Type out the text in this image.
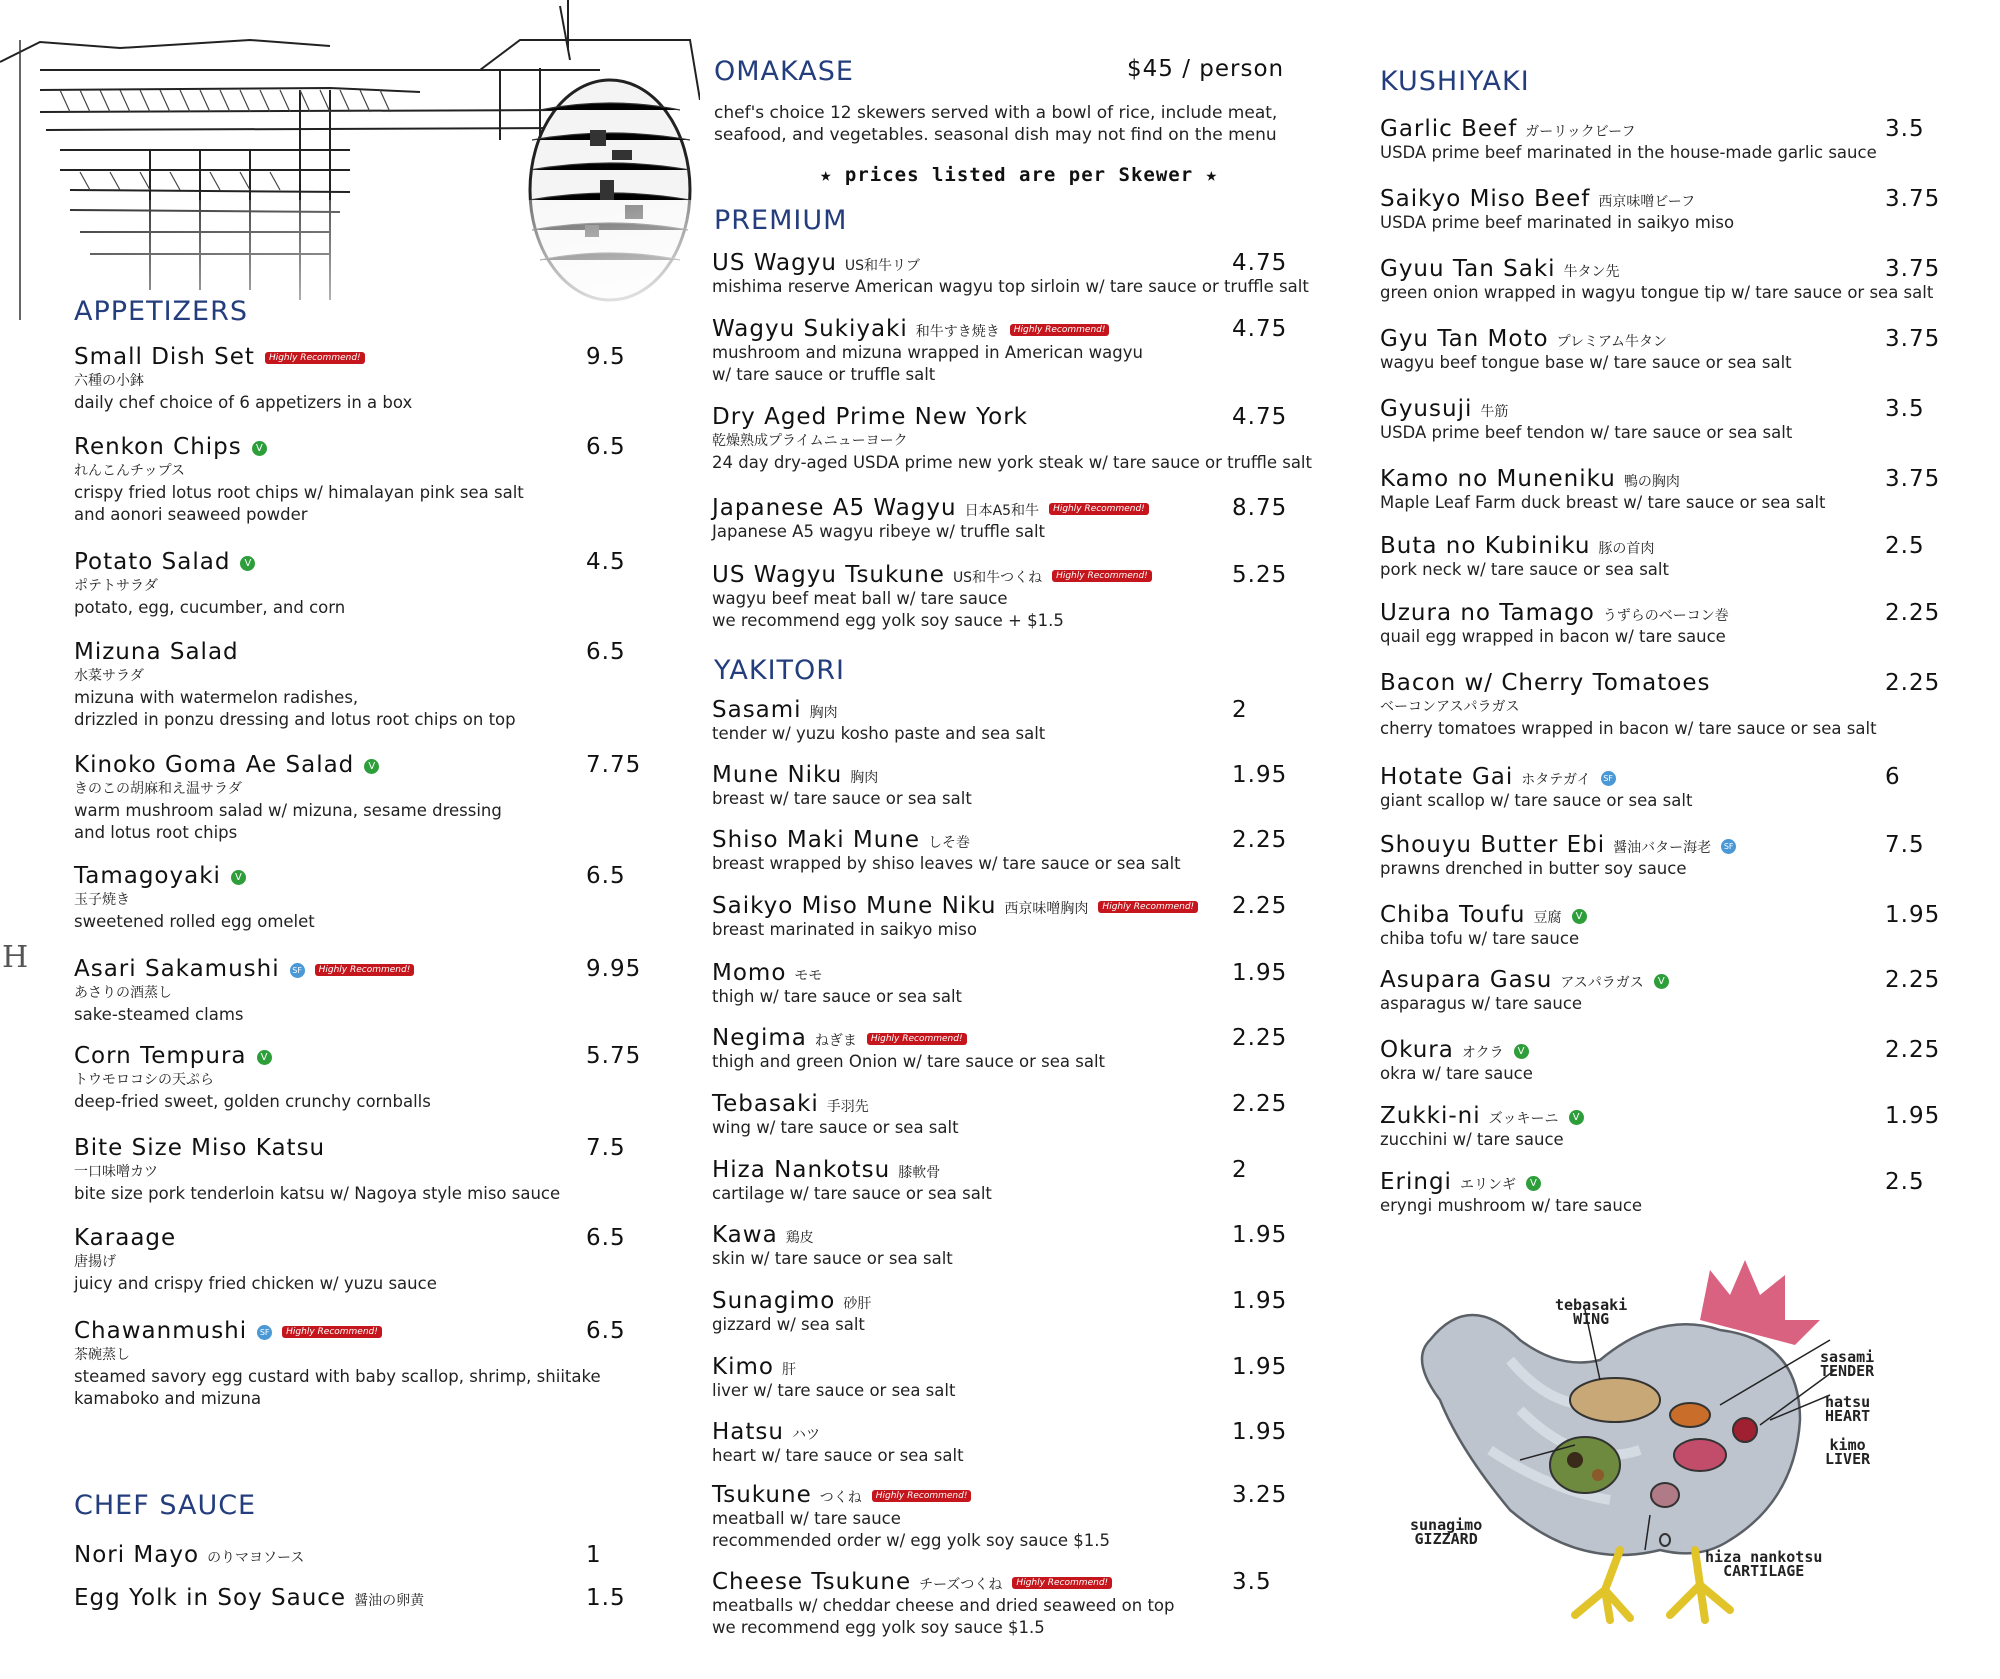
H
APPETIZERS
Small Dish Set Highly Recommend!	9.5
六種の小鉢
daily chef choice of 6 appetizers in a box
Renkon Chips V	6.5
れんこんチップス
crispy fried lotus root chips w/ himalayan pink sea salt
and aonori seaweed powder
Potato Salad V	4.5
ポテトサラダ
potato, egg, cucumber, and corn
Mizuna Salad	6.5
水菜サラダ
mizuna with watermelon radishes,
drizzled in ponzu dressing and lotus root chips on top
Kinoko Goma Ae Salad V	7.75
きのこの胡麻和え温サラダ
warm mushroom salad w/ mizuna, sesame dressing
and lotus root chips
Tamagoyaki V	6.5
玉子焼き
sweetened rolled egg omelet
Asari Sakamushi SF Highly Recommend!	9.95
あさりの酒蒸し
sake-steamed clams
Corn Tempura V	5.75
トウモロコシの天ぷら
deep-fried sweet, golden crunchy cornballs
Bite Size Miso Katsu	7.5
一口味噌カツ
bite size pork tenderloin katsu w/ Nagoya style miso sauce
Karaage	6.5
唐揚げ
juicy and crispy fried chicken w/ yuzu sauce
Chawanmushi SF Highly Recommend!	6.5
茶碗蒸し
steamed savory egg custard with baby scallop, shrimp, shiitake
kamaboko and mizuna
CHEF SAUCE
Nori Mayo のりマヨソース	1
Egg Yolk in Soy Sauce 醤油の卵黄	1.5
OMAKASE	$45 / person
chef's choice 12 skewers served with a bowl of rice, include meat,
seafood, and vegetables. seasonal dish may not find on the menu
★ prices listed are per Skewer ★
PREMIUM
US Wagyu US和牛リブ	4.75
mishima reserve American wagyu top sirloin w/ tare sauce or truffle salt
Wagyu Sukiyaki 和牛すき焼き Highly Recommend!	4.75
mushroom and mizuna wrapped in American wagyu
w/ tare sauce or truffle salt
Dry Aged Prime New York	4.75
乾燥熟成プライムニューヨーク
24 day dry-aged USDA prime new york steak w/ tare sauce or truffle salt
Japanese A5 Wagyu 日本A5和牛 Highly Recommend!	8.75
Japanese A5 wagyu ribeye w/ truffle salt
US Wagyu Tsukune US和牛つくね Highly Recommend!	5.25
wagyu beef meat ball w/ tare sauce
we recommend egg yolk soy sauce + $1.5
YAKITORI
Sasami 胸肉	2
tender w/ yuzu kosho paste and sea salt
Mune Niku 胸肉	1.95
breast w/ tare sauce or sea salt
Shiso Maki Mune しそ巻	2.25
breast wrapped by shiso leaves w/ tare sauce or sea salt
Saikyo Miso Mune Niku 西京味噌胸肉 Highly Recommend!	2.25
breast marinated in saikyo miso
Momo モモ	1.95
thigh w/ tare sauce or sea salt
Negima ねぎま Highly Recommend!	2.25
thigh and green Onion w/ tare sauce or sea salt
Tebasaki 手羽先	2.25
wing w/ tare sauce or sea salt
Hiza Nankotsu 膝軟骨	2
cartilage w/ tare sauce or sea salt
Kawa 鶏皮	1.95
skin w/ tare sauce or sea salt
Sunagimo 砂肝	1.95
gizzard w/ sea salt
Kimo 肝	1.95
liver w/ tare sauce or sea salt
Hatsu ハツ	1.95
heart w/ tare sauce or sea salt
Tsukune つくね Highly Recommend!	3.25
meatball w/ tare sauce
recommended order w/ egg yolk soy sauce $1.5
Cheese Tsukune チーズつくね Highly Recommend!	3.5
meatballs w/ cheddar cheese and dried seaweed on top
we recommend egg yolk soy sauce $1.5
KUSHIYAKI
Garlic Beef ガーリックビーフ	3.5
USDA prime beef marinated in the house-made garlic sauce
Saikyo Miso Beef 西京味噌ビーフ	3.75
USDA prime beef marinated in saikyo miso
Gyuu Tan Saki 牛タン先	3.75
green onion wrapped in wagyu tongue tip w/ tare sauce or sea salt
Gyu Tan Moto プレミアム牛タン	3.75
wagyu beef tongue base w/ tare sauce or sea salt
Gyusuji 牛筋	3.5
USDA prime beef tendon w/ tare sauce or sea salt
Kamo no Muneniku 鴨の胸肉	3.75
Maple Leaf Farm duck breast w/ tare sauce or sea salt
Buta no Kubiniku 豚の首肉	2.5
pork neck w/ tare sauce or sea salt
Uzura no Tamago うずらのベーコン巻	2.25
quail egg wrapped in bacon w/ tare sauce
Bacon w/ Cherry Tomatoes	2.25
ベーコンアスパラガス
cherry tomatoes wrapped in bacon w/ tare sauce or sea salt
Hotate Gai ホタテガイ SF	6
giant scallop w/ tare sauce or sea salt
Shouyu Butter Ebi 醤油バター海老 SF	7.5
prawns drenched in butter soy sauce
Chiba Toufu 豆腐 V	1.95
chiba tofu w/ tare sauce
Asupara Gasu アスパラガス V	2.25
asparagus w/ tare sauce
Okura オクラ V	2.25
okra w/ tare sauce
Zukki-ni ズッキーニ V	1.95
zucchini w/ tare sauce
Eringi エリンギ V	2.5
eryngi mushroom w/ tare sauce
tebasaki
WING
sasami
TENDER
hatsu
HEART
kimo
LIVER
sunagimo
GIZZARD
hiza nankotsu
CARTILAGE
